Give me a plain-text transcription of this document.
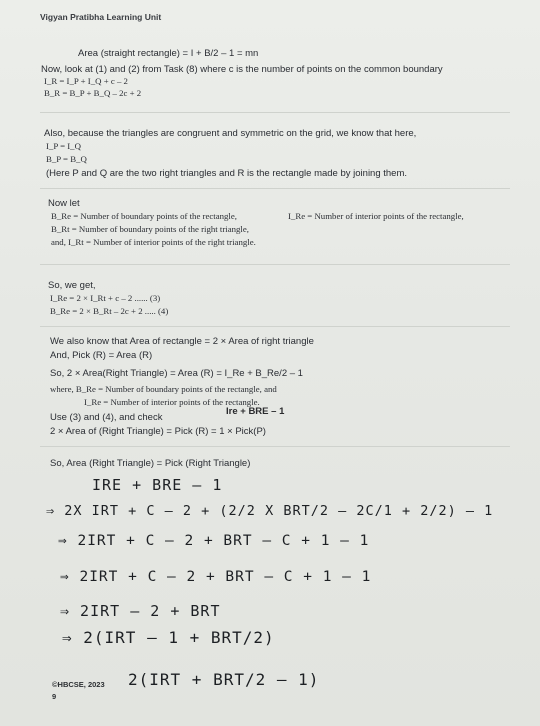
Vigyan Pratibha Learning Unit
Area (straight rectangle) = I + B/2 – 1 = mn
Now, look at (1) and (2) from Task (8) where c is the number of points on the common boundary
I_R = I_P + I_Q + c – 2
B_R = B_P + B_Q – 2c + 2
Also, because the triangles are congruent and symmetric on the grid, we know that here,
I_P = I_Q
B_P = B_Q
(Here P and Q are the two right triangles and R is the rectangle made by joining them.
Now let
B_Re = Number of boundary points of the rectangle,	I_Re = Number of interior points of the rectangle,
B_Rt = Number of boundary points of the right triangle,
and, I_Rt = Number of interior points of the right triangle.
So, we get,
I_Re = 2 × I_Rt + c – 2 ...... (3)
B_Re = 2 × B_Rt – 2c + 2 ..... (4)
We also know that Area of rectangle = 2 × Area of right triangle
And, Pick (R) = Area (R)
So, 2 × Area(Right Triangle) = Area (R) = I_Re + B_Re/2 – 1
where, B_Re = Number of boundary points of the rectangle, and
I_Re = Number of interior points of the rectangle.
Use (3) and (4), and check
Ire + BRE – 1
2 × Area of (Right Triangle) = Pick (R) = 1 × Pick(P)
So, Area (Right Triangle) = Pick (Right Triangle)
IRE + BRE – 1
⇒ 2X IRT + C – 2 + (2/2 X BRT/2 – 2C/1 + 2/2) – 1
⇒ 2IRT + C – 2 + BRT – C + 1 – 1
⇒ 2IRT + C – 2 + BRT – C + 1 – 1
⇒ 2IRT – 2 + BRT
⇒ 2(IRT – 1 + BRT/2)
2(IRT + BRT/2 – 1)
©HBCSE, 2023
9
